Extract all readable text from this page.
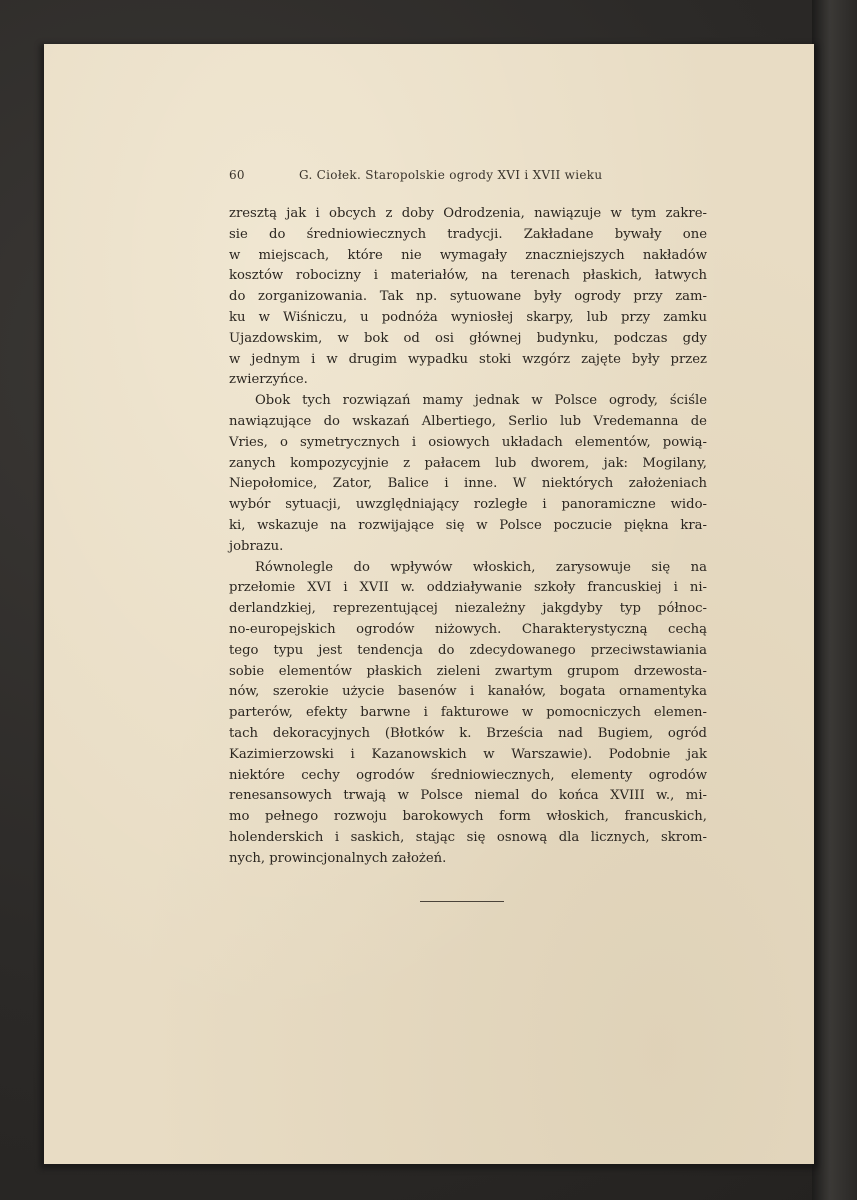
60	G. Ciołek. Staropolskie ogrody XVI i XVII wieku
zresztą jak i obcych z doby Odrodzenia, nawiązuje w tym zakre-
sie do średniowiecznych tradycji. Zakładane bywały one
w miejscach, które nie wymagały znaczniejszych nakładów
kosztów robocizny i materiałów, na terenach płaskich, łatwych
do zorganizowania. Tak np. sytuowane były ogrody przy zam-
ku w Wiśniczu, u podnóża wyniosłej skarpy, lub przy zamku
Ujazdowskim, w bok od osi głównej budynku, podczas gdy
w jednym i w drugim wypadku stoki wzgórz zajęte były przez
zwierzyńce.
Obok tych rozwiązań mamy jednak w Polsce ogrody, ściśle
nawiązujące do wskazań Albertiego, Serlio lub Vredemanna de
Vries, o symetrycznych i osiowych układach elementów, powią-
zanych kompozycyjnie z pałacem lub dworem, jak: Mogilany,
Niepołomice, Zator, Balice i inne. W niektórych założeniach
wybór sytuacji, uwzględniający rozległe i panoramiczne wido-
ki, wskazuje na rozwijające się w Polsce poczucie piękna kra-
jobrazu.
Równolegle do wpływów włoskich, zarysowuje się na
przełomie XVI i XVII w. oddziaływanie szkoły francuskiej i ni-
derlandzkiej, reprezentującej niezależny jakgdyby typ północ-
no-europejskich ogrodów niżowych. Charakterystyczną cechą
tego typu jest tendencja do zdecydowanego przeciwstawiania
sobie elementów płaskich zieleni zwartym grupom drzewosta-
nów, szerokie użycie basenów i kanałów, bogata ornamentyka
parterów, efekty barwne i fakturowe w pomocniczych elemen-
tach dekoracyjnych (Błotków k. Brześcia nad Bugiem, ogród
Kazimierzowski i Kazanowskich w Warszawie). Podobnie jak
niektóre cechy ogrodów średniowiecznych, elementy ogrodów
renesansowych trwają w Polsce niemal do końca XVIII w., mi-
mo pełnego rozwoju barokowych form włoskich, francuskich,
holenderskich i saskich, stając się osnową dla licznych, skrom-
nych, prowincjonalnych założeń.
